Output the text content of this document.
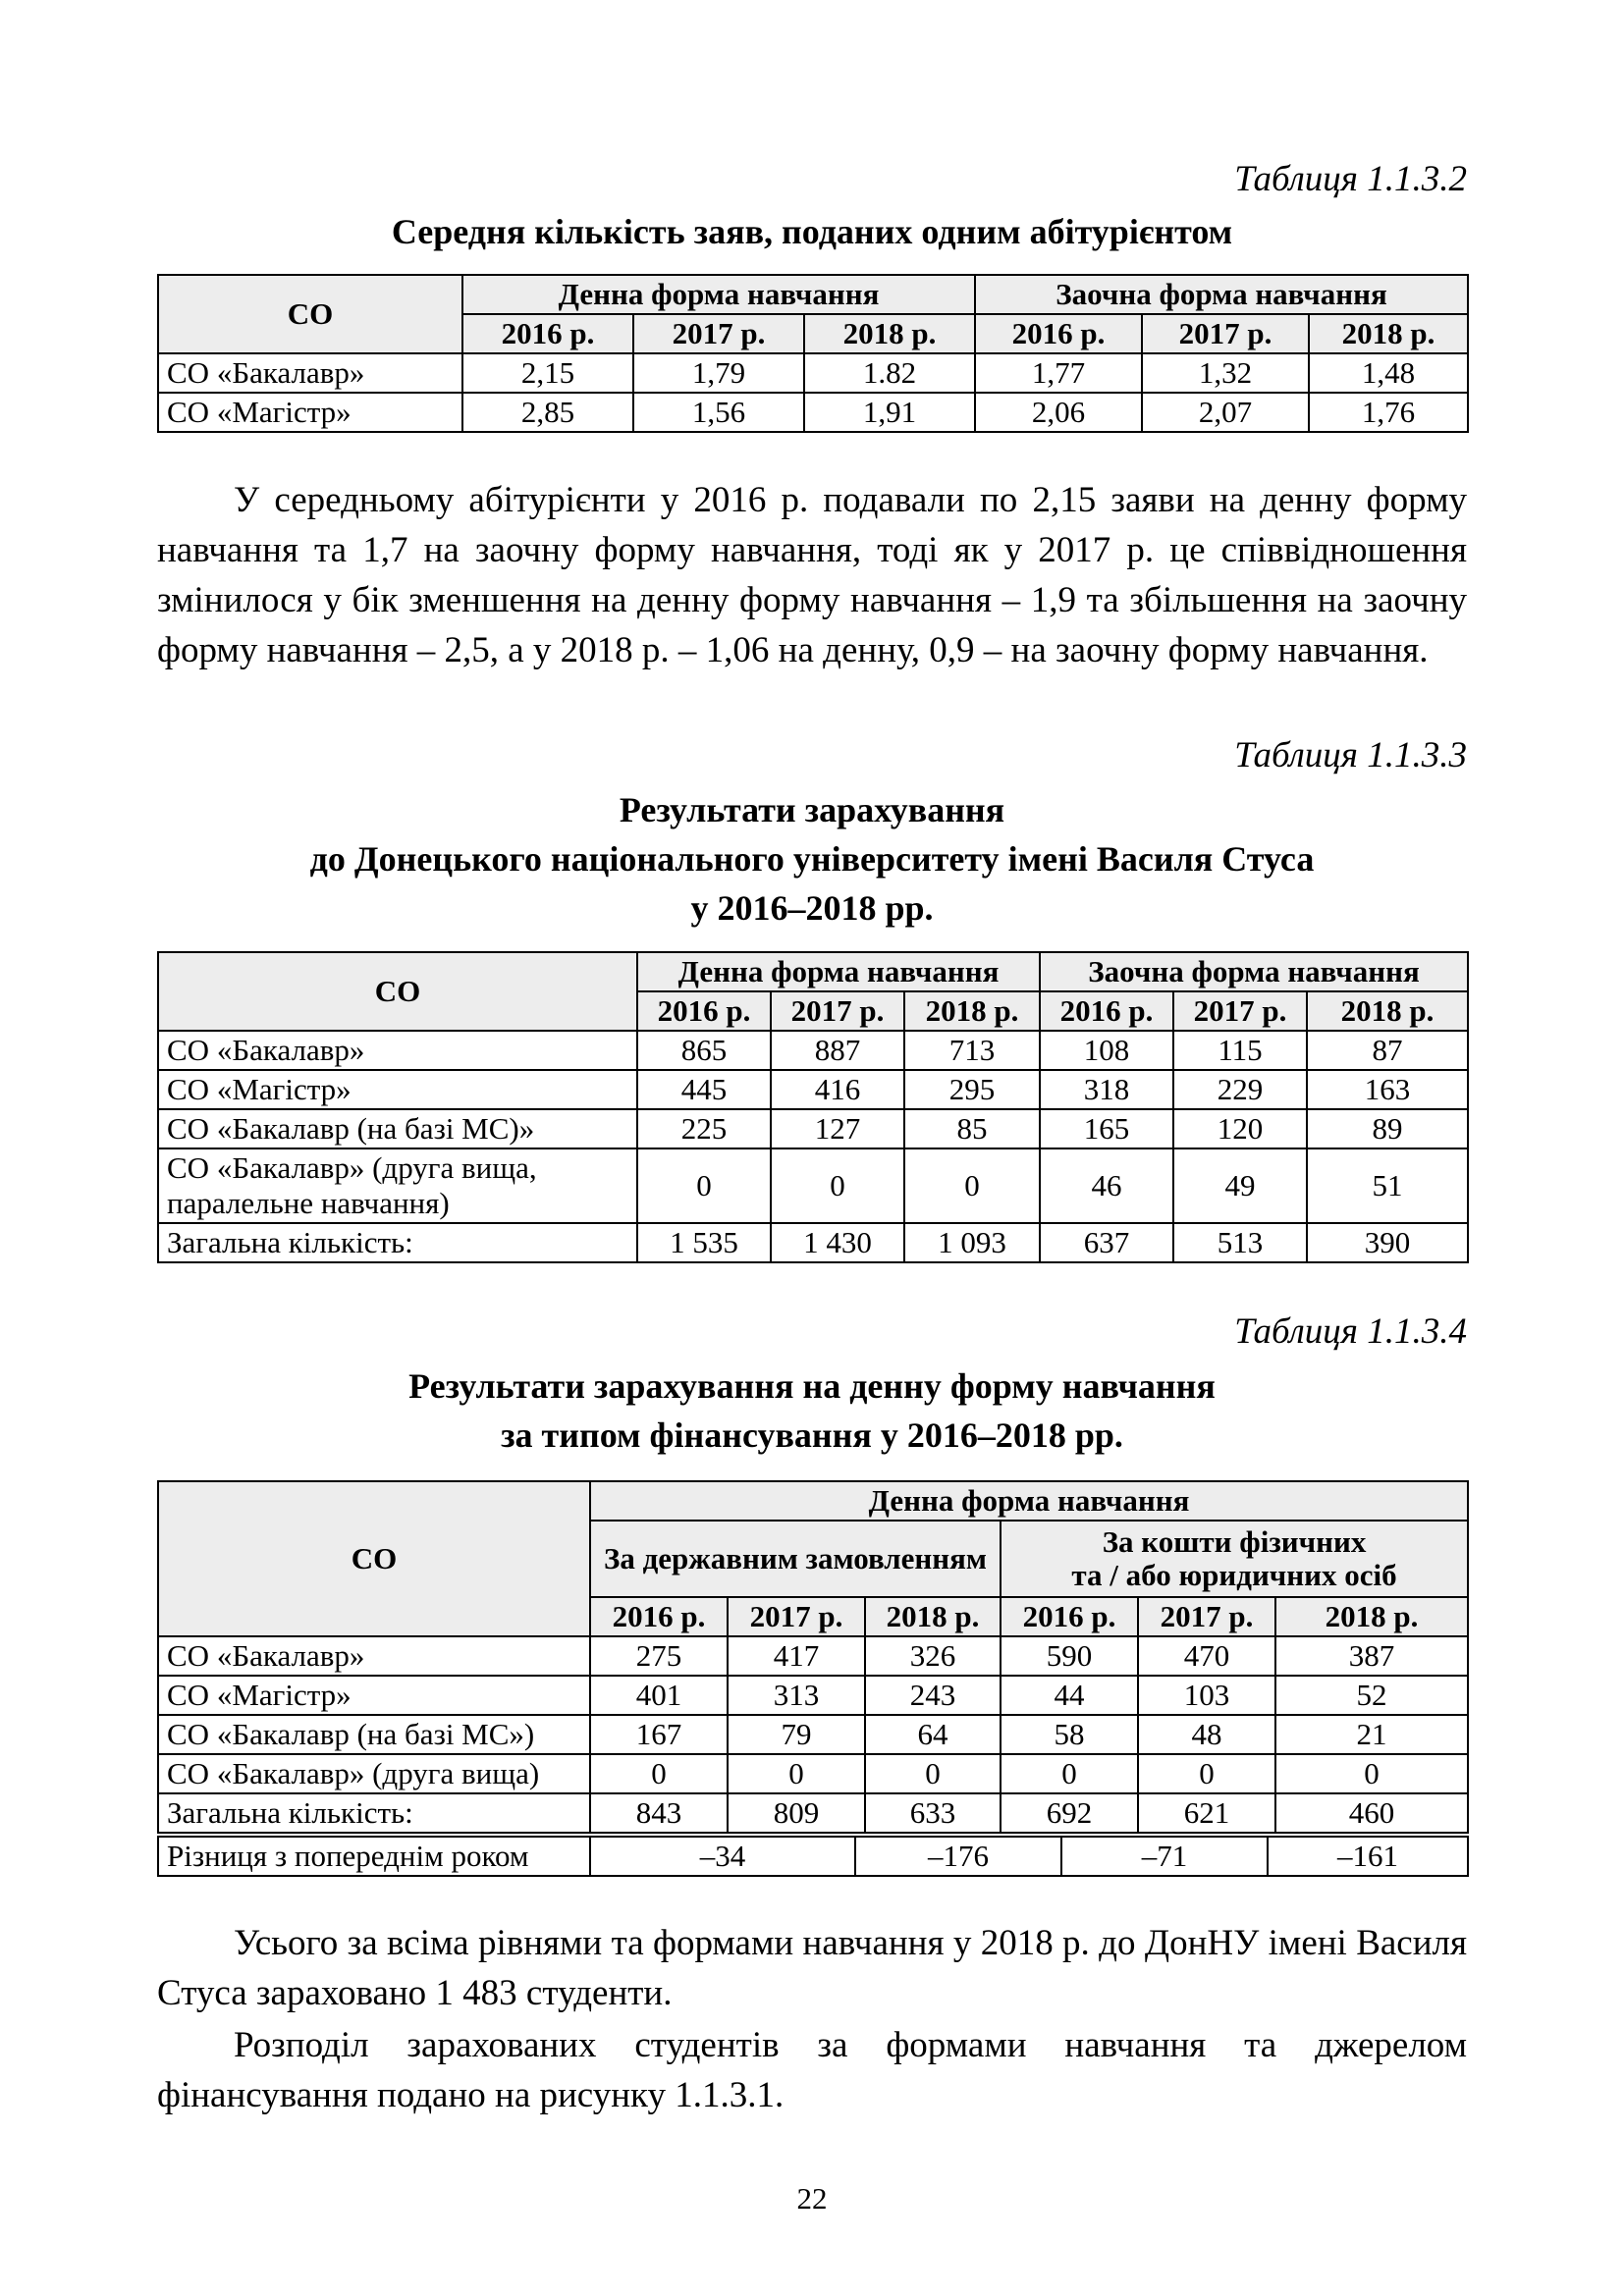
Таблиця 1.1.3.2

Середня кількість заяв, поданих одним абітурієнтом

СО	Денна форма навчання			Заочна форма навчання		
	2016 р.	2017 р.	2018 р.	2016 р.	2017 р.	2018 р.
СО «Бакалавр»	2,15	1,79	1.82	1,77	1,32	1,48
СО «Магістр»	2,85	1,56	1,91	2,06	2,07	1,76

У середньому абітурієнти у 2016 р. подавали по 2,15 заяви на денну форму навчання та 1,7 на заочну форму навчання, тоді як у 2017 р. це співвідношення змінилося у бік зменшення на денну форму навчання – 1,9 та збільшення на заочну форму навчання – 2,5, а у 2018 р. – 1,06 на денну, 0,9 – на заочну форму навчання.

Таблиця 1.1.3.3

Результати зарахування

до Донецького національного університету імені Василя Стуса

у 2016–2018 рр.

СО	Денна форма навчання			Заочна форма навчання		
	2016 р.	2017 р.	2018 р.	2016 р.	2017 р.	2018 р.
СО «Бакалавр»	865	887	713	108	115	87
СО «Магістр»	445	416	295	318	229	163
СО «Бакалавр (на базі МС)»	225	127	85	165	120	89
СО «Бакалавр» (друга вища,
паралельне навчання)	0	0	0	46	49	51
Загальна кількість:	1 535	1 430	1 093	637	513	390

Таблиця 1.1.3.4

Результати зарахування на денну форму навчання

за типом фінансування у 2016–2018 рр.

СО	Денна форма навчання					
	За державним замовленням			За кошти фізичних
та / або юридичних осіб		
	2016 р.	2017 р.	2018 р.	2016 р.	2017 р.	2018 р.
СО «Бакалавр»	275	417	326	590	470	387
СО «Магістр»	401	313	243	44	103	52
СО «Бакалавр (на базі МС»)	167	79	64	58	48	21
СО «Бакалавр» (друга вища)	0	0	0	0	0	0
Загальна кількість:	843	809	633	692	621	460
Різниця з попереднім роком	–34	–176	–71	–161

Усього за всіма рівнями та формами навчання у 2018 р. до ДонНУ імені Василя Стуса зараховано 1 483 студенти.

Розподіл зарахованих студентів за формами навчання та джерелом фінансування подано на рисунку 1.1.3.1.

22
